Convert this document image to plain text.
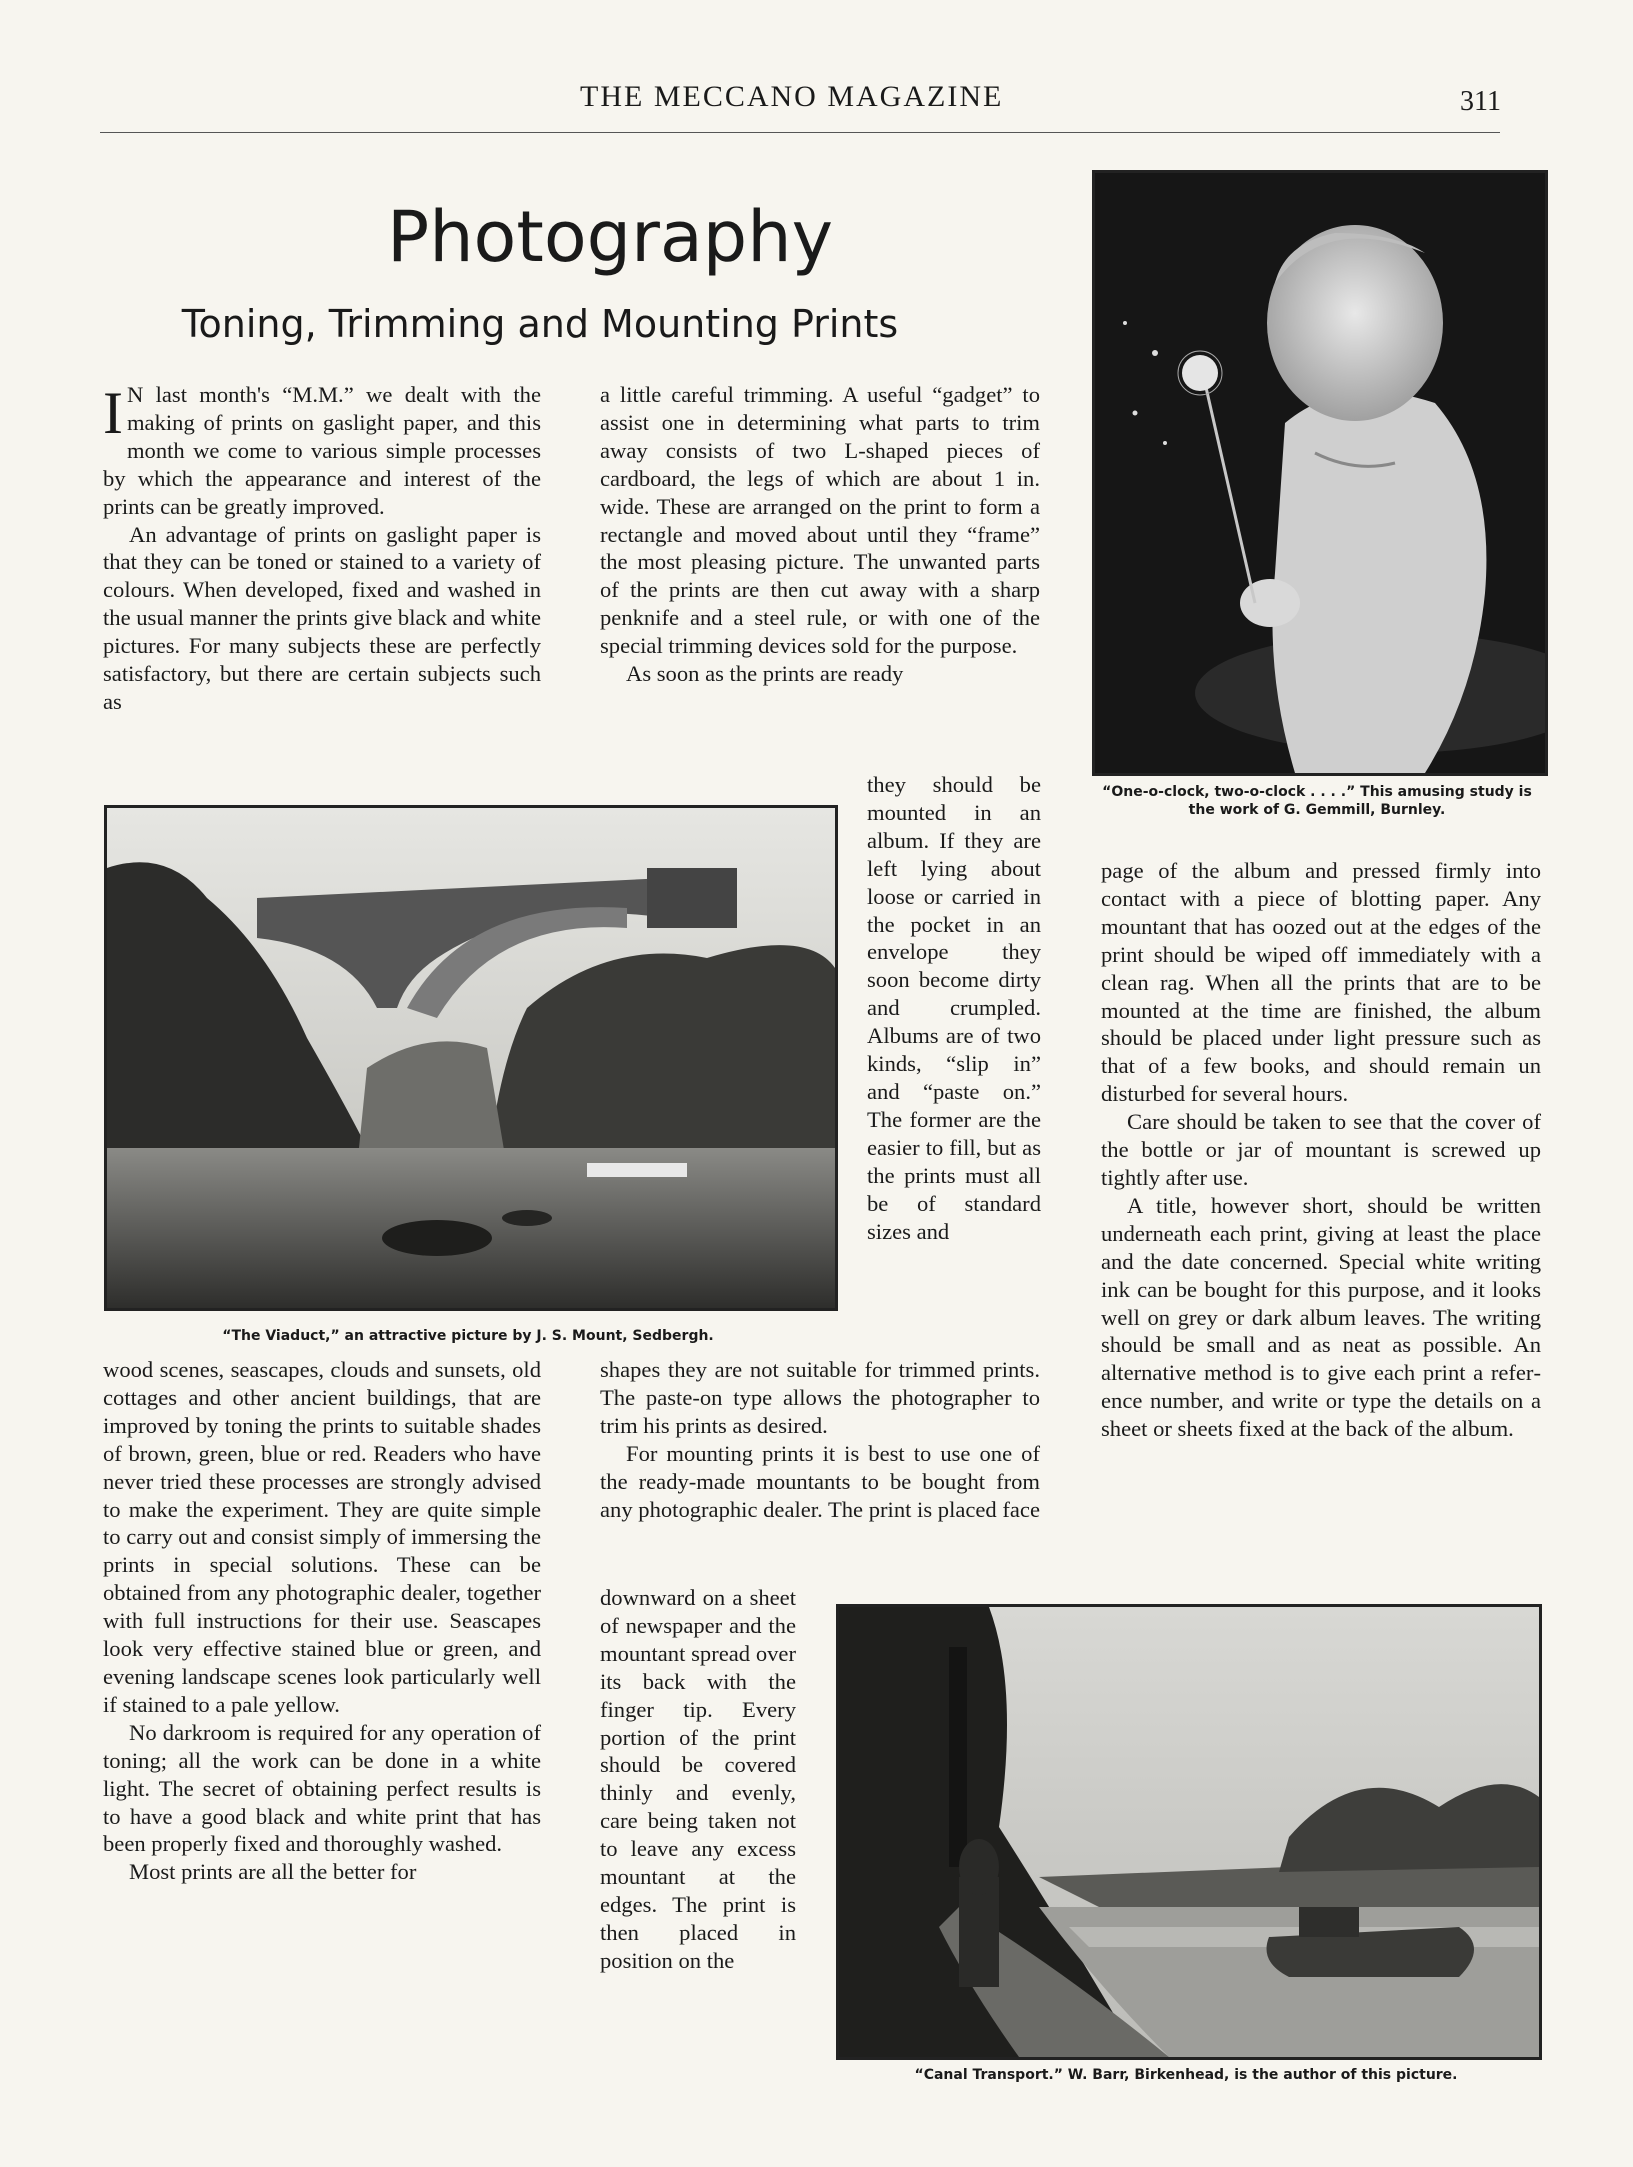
THE MECCANO MAGAZINE	311
Photography
Toning, Trimming and Mounting Prints

I N last month's “M.M.” we dealt with the making of prints on gaslight paper, and this month we come to various simple processes by which the appearance and interest of the prints can be greatly improved.

An advantage of prints on gaslight paper is that they can be toned or stained to a variety of colours. When developed, fixed and washed in the usual manner the prints give black and white pictures. For many subjects these are perfectly satisfactory, but there are certain subjects such as

wood scenes, seascapes, clouds and sunsets, old cottages and other ancient buildings, that are improved by toning the prints to suitable shades of brown, green, blue or red. Readers who have never tried these processes are strongly advised to make the experiment. They are quite simple to carry out and consist simply of immersing the prints in special solutions. These can be obtained from any photographic dealer, together with full instructions for their use. Seascapes look very effective stained blue or green, and evening landscape scenes look particularly well if stained to a pale yellow.

No darkroom is required for any operation of toning; all the work can be done in a white light. The secret of obtaining perfect results is to have a good black and white print that has been properly fixed and thoroughly washed.

Most prints are all the better for

a little careful trimming. A useful “gadget” to assist one in determining what parts to trim away consists of two L-shaped pieces of cardboard, the legs of which are about 1 in. wide. These are arranged on the print to form a rectangle and moved about until they “frame” the most pleasing picture. The unwanted parts of the prints are then cut away with a sharp penknife and a steel rule, or with one of the special trimming devices sold for the purpose.

As soon as the prints are ready

they should be mounted in an album. If they are left lying about loose or carried in the pocket in an envelope they soon become dirty and crumpled. Albums are of two kinds, “slip in” and “paste on.” The former are the easier to fill, but as the prints must all be of standard sizes and

shapes they are not suitable for trimmed prints. The paste-on type allows the photographer to trim his prints as desired.

For mounting prints it is best to use one of the ready-made mountants to be bought from any photographic dealer. The print is placed face

downward on a sheet of newspaper and the mountant spread over its back with the finger tip. Every portion of the print should be covered thinly and evenly, care being taken not to leave any excess mountant at the edges. The print is then placed in position on the

page of the album and pressed firmly into contact with a piece of blotting paper. Any mountant that has oozed out at the edges of the print should be wiped off immediately with a clean rag. When all the prints that are to be mounted at the time are finished, the album should be placed under light pressure such as that of a few books, and should remain un disturbed for several hours.

Care should be taken to see that the cover of the bottle or jar of mountant is screwed up tightly after use.

A title, however short, should be written underneath each print, giving at least the place and the date concerned. Special white writing ink can be bought for this purpose, and it looks well on grey or dark album leaves. The writing should be small and as neat as possible. An alternative method is to give each print a reference number, and write or type the details on a sheet or sheets fixed at the back of the album.

“One-o-clock, two-o-clock . . . .” This amusing study is the work of G. Gemmill, Burnley.
“The Viaduct,” an attractive picture by J. S. Mount, Sedbergh.
“Canal Transport.” W. Barr, Birkenhead, is the author of this picture.
